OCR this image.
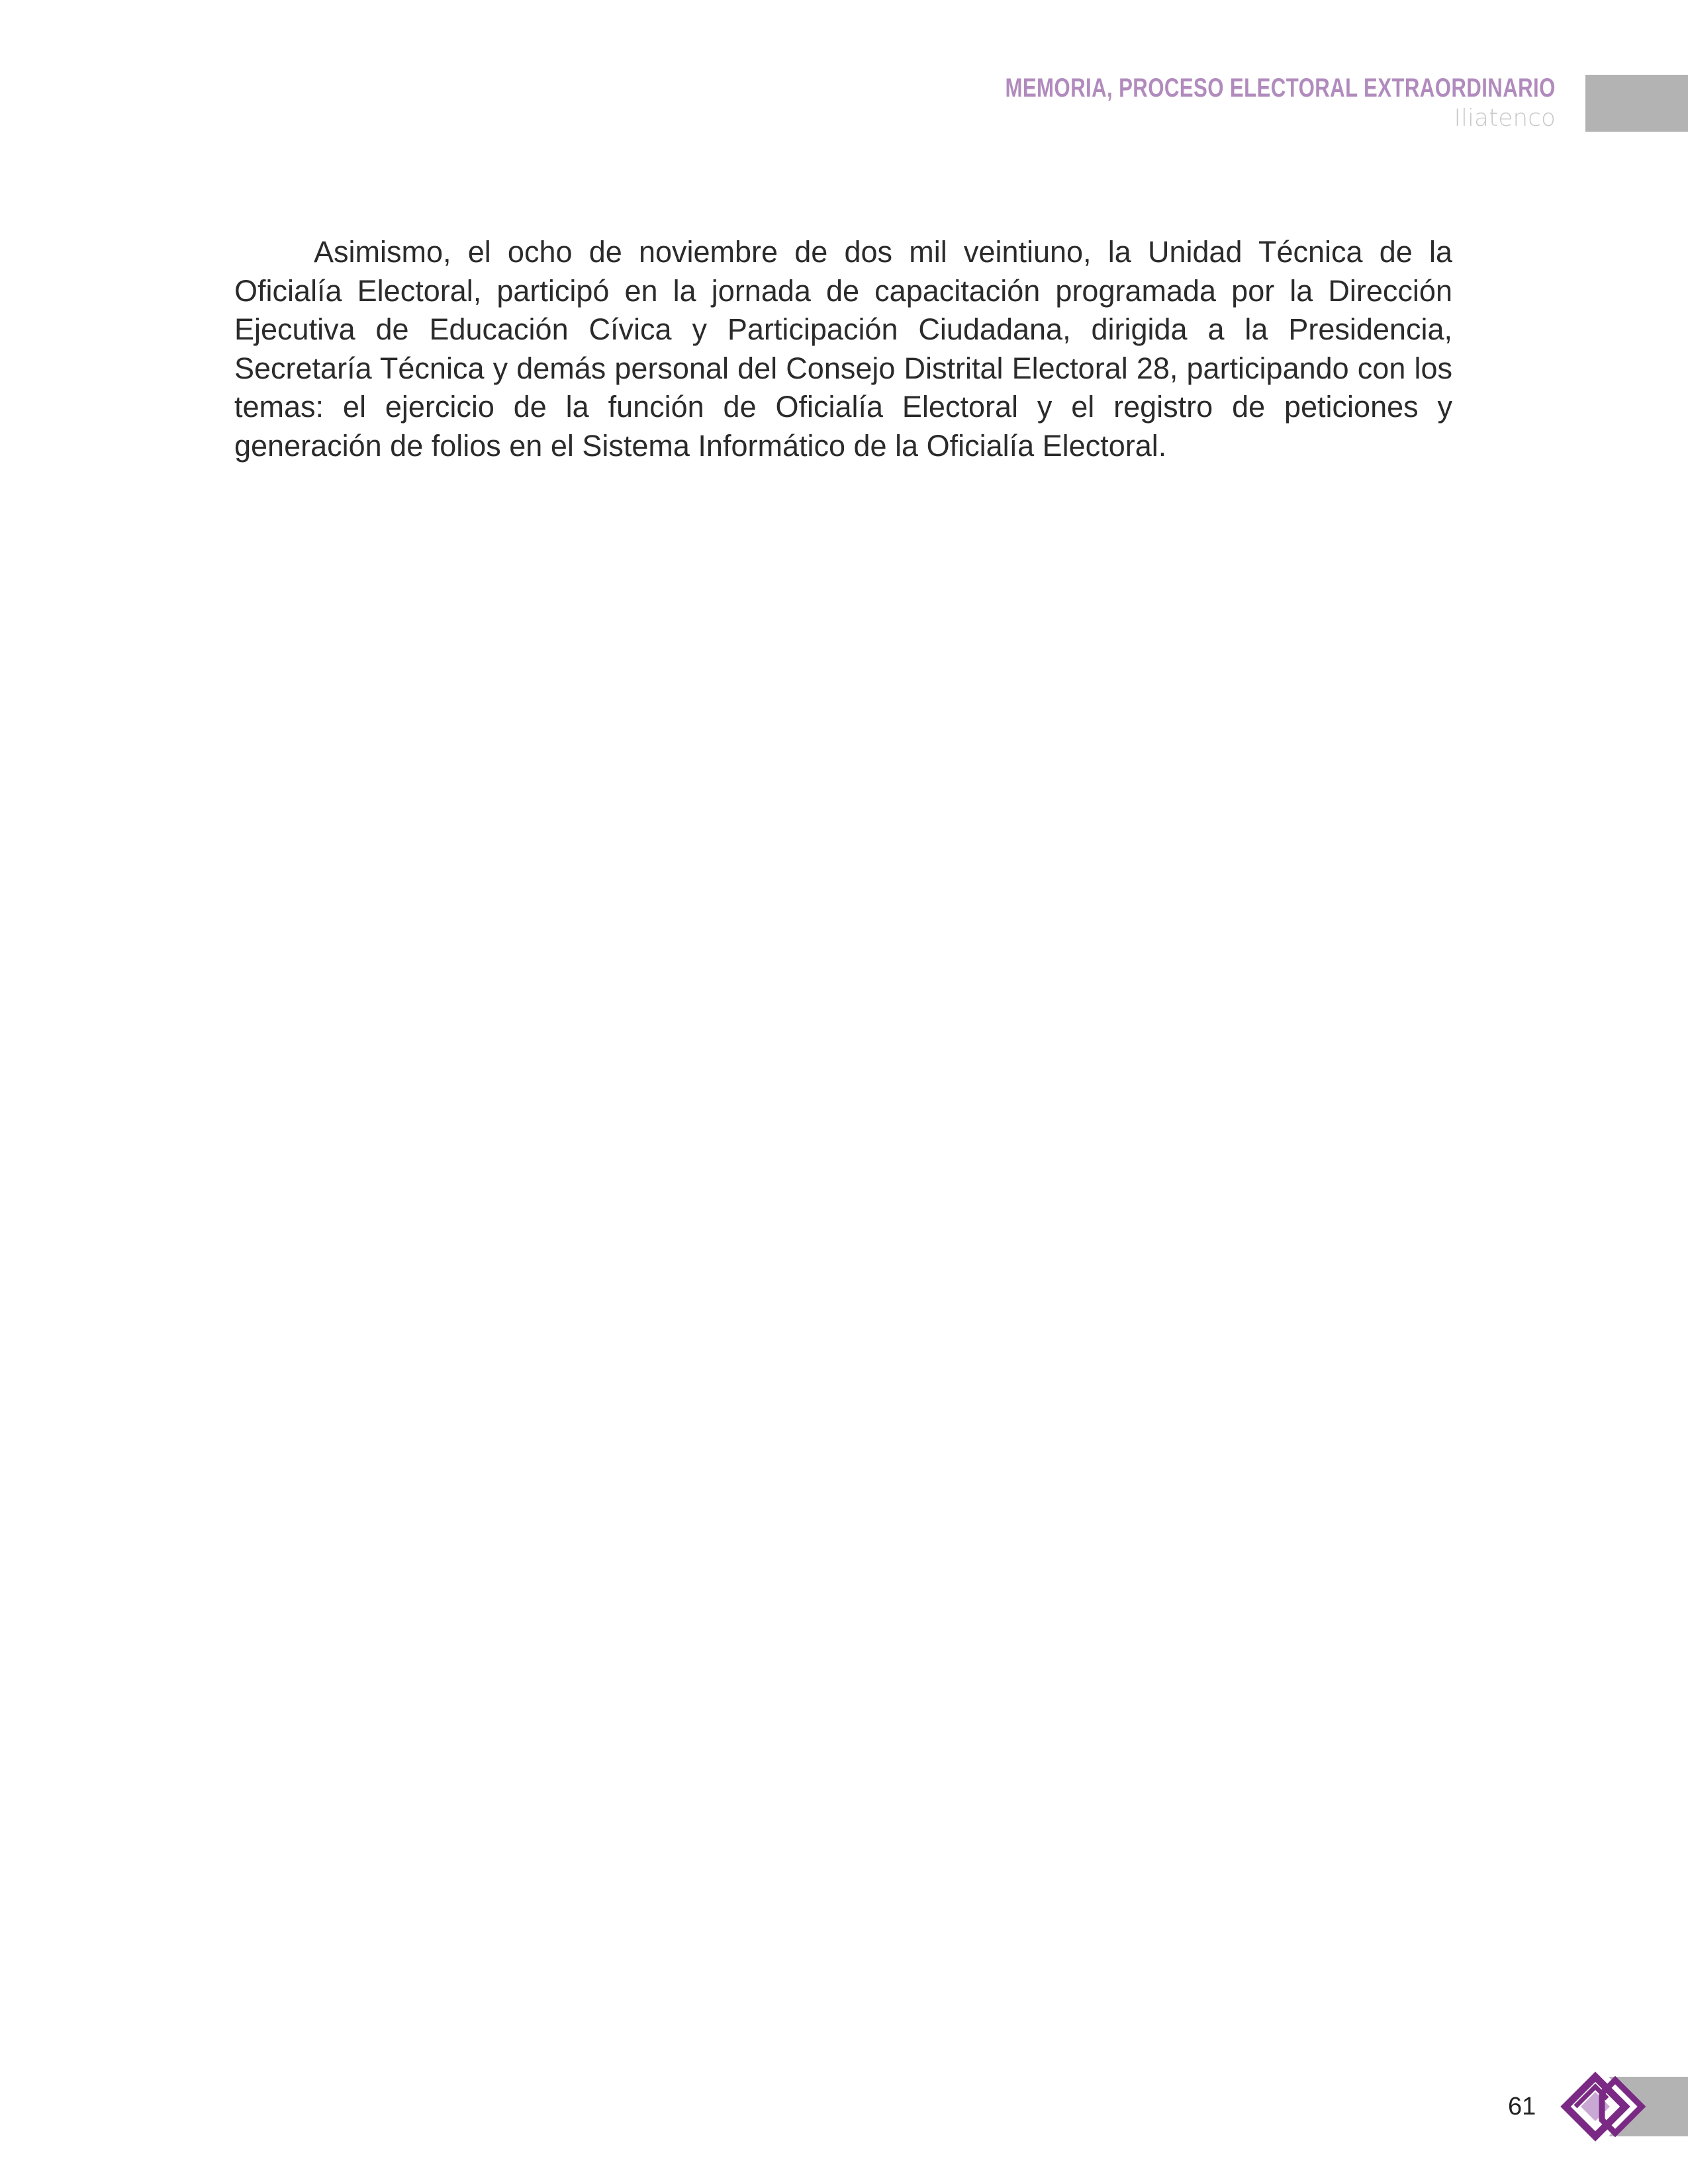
MEMORIA, PROCESO ELECTORAL EXTRAORDINARIO
Iliatenco

Asimismo, el ocho de noviembre de dos mil veintiuno, la Unidad Técnica de la Oficialía Electoral, participó en la jornada de capacitación programada por la Dirección Ejecutiva de Educación Cívica y Participación Ciudadana, dirigida a la Presidencia, Secretaría Técnica y demás personal del Consejo Distrital Electoral 28, participando con los temas: el ejercicio de la función de Oficialía Electoral y el registro de peticiones y generación de folios en el Sistema Informático de la Oficialía Electoral.

61
